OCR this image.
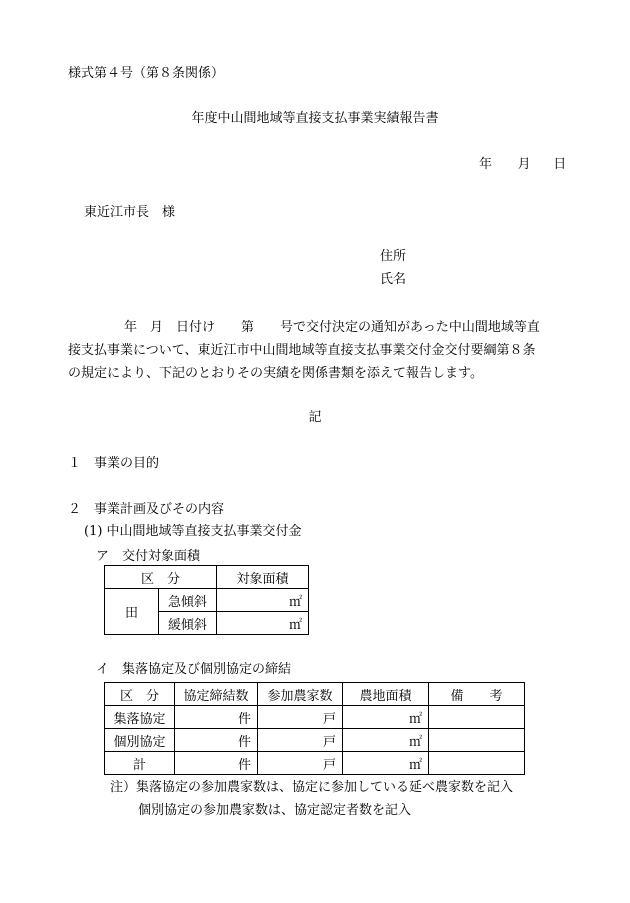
様式第４号（第８条関係）
年度中山間地域等直接支払事業実績報告書
年 月 日
東近江市長　様
住所
氏名
年　月　日付け　　第　　号で交付決定の通知があった中山間地域等直
接支払事業について、東近江市中山間地域等直接支払事業交付金交付要綱第８条
の規定により、下記のとおりその実績を関係書類を添えて報告します。
記
１　事業の目的
２　事業計画及びその内容
(1) 中山間地域等直接支払事業交付金
ア　交付対象面積
区　分		対象面積
田	急傾斜	㎡
	緩傾斜	㎡
イ　集落協定及び個別協定の締結
区　分	協定締結数	参加農家数	農地面積	備　　考
集落協定	件	戸	㎡	
個別協定	件	戸	㎡	
計	件	戸	㎡	
注）集落協定の参加農家数は、協定に参加している延べ農家数を記入
個別協定の参加農家数は、協定認定者数を記入
